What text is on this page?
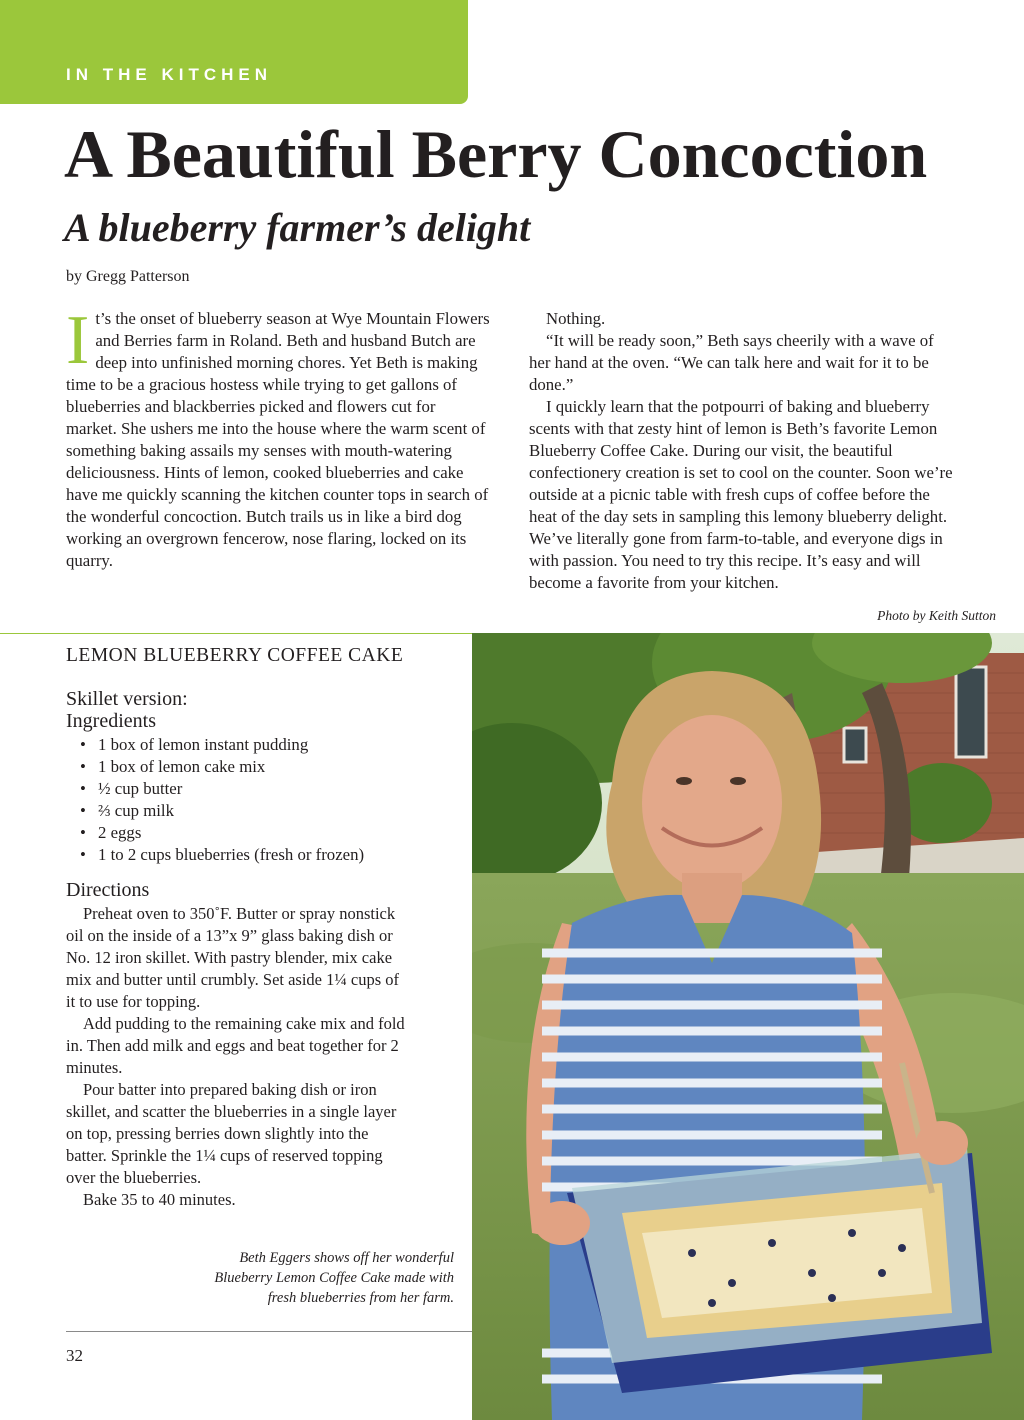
IN THE KITCHEN
A Beautiful Berry Concoction
A blueberry farmer’s delight
by Gregg Patterson

It’s the onset of blueberry season at Wye Mountain Flowers and Berries farm in Roland. Beth and husband Butch are deep into unfinished morning chores. Yet Beth is making time to be a gracious hostess while trying to get gallons of blueberries and blackberries picked and flowers cut for market. She ushers me into the house where the warm scent of something baking assails my senses with mouth-watering deliciousness. Hints of lemon, cooked blueberries and cake have me quickly scanning the kitchen counter tops in search of the wonderful concoction. Butch trails us in like a bird dog working an overgrown fencerow, nose flaring, locked on its quarry.

Nothing.

“It will be ready soon,” Beth says cheerily with a wave of her hand at the oven. “We can talk here and wait for it to be done.”

I quickly learn that the potpourri of baking and blueberry scents with that zesty hint of lemon is Beth’s favorite Lemon Blueberry Coffee Cake. During our visit, the beautiful confectionery creation is set to cool on the counter. Soon we’re outside at a picnic table with fresh cups of coffee before the heat of the day sets in sampling this lemony blueberry delight. We’ve literally gone from farm-to-table, and everyone digs in with passion. You need to try this recipe. It’s easy and will become a favorite from your kitchen.

Photo by Keith Sutton
LEMON BLUEBERRY COFFEE CAKE
Skillet version:
Ingredients
• 1 box of lemon instant pudding
• 1 box of lemon cake mix
• ½ cup butter
• ⅔ cup milk
• 2 eggs
• 1 to 2 cups blueberries (fresh or frozen)
Directions

Preheat oven to 350˚F. Butter or spray nonstick oil on the inside of a 13”x 9” glass baking dish or No. 12 iron skillet. With pastry blender, mix cake mix and butter until crumbly. Set aside 1¼ cups of it to use for topping.

Add pudding to the remaining cake mix and fold in. Then add milk and eggs and beat together for 2 minutes.

Pour batter into prepared baking dish or iron skillet, and scatter the blueberries in a single layer on top, pressing berries down slightly into the batter. Sprinkle the 1¼ cups of reserved topping over the blueberries.

Bake 35 to 40 minutes.

Beth Eggers shows off her wonderful Blueberry Lemon Coffee Cake made with fresh blueberries from her farm.
32
